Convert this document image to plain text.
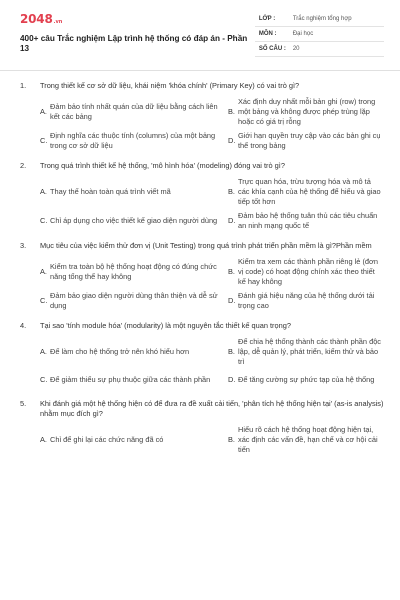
2048 .vn
400+ câu Trắc nghiệm Lập trình hệ thống có đáp án - Phần 13
LỚP :	Trắc nghiệm tổng hợp
MÔN :	Đại học
SỐ CÂU :	20
1.	Trong thiết kế cơ sở dữ liệu, khái niệm 'khóa chính' (Primary Key) có vai trò gì?
A.
Đảm bảo tính nhất quán của dữ liệu bằng cách liên kết các bảng
B.
Xác định duy nhất mỗi bản ghi (row) trong một bảng và không được phép trùng lặp hoặc có giá trị rỗng
C.
Định nghĩa các thuộc tính (columns) của một bảng trong cơ sở dữ liệu
D.
Giới hạn quyền truy cập vào các bản ghi cụ thể trong bảng
2.	Trong quá trình thiết kế hệ thống, 'mô hình hóa' (modeling) đóng vai trò gì?
A. Thay thế hoàn toàn quá trình viết mã	B.
Trực quan hóa, trừu tượng hóa và mô tả các khía cạnh của hệ thống để hiểu và giao tiếp tốt hơn
C. Chỉ áp dụng cho việc thiết kế giao diện người dùng	D.
Đảm bảo hệ thống tuân thủ các tiêu chuẩn an ninh mạng quốc tế
3.	Mục tiêu của việc kiểm thử đơn vị (Unit Testing) trong quá trình phát triển phần mềm là gì?Phần mềm
A.
Kiểm tra toàn bộ hệ thống hoạt động có đúng chức năng tổng thể hay không
B.
Kiểm tra xem các thành phần riêng lẻ (đơn vị code) có hoạt động chính xác theo thiết kế hay không
C.
Đảm bảo giao diện người dùng thân thiện và dễ sử dụng
D.
Đánh giá hiệu năng của hệ thống dưới tải trọng cao
4.	Tại sao 'tính module hóa' (modularity) là một nguyên tắc thiết kế quan trọng?
A. Để làm cho hệ thống trở nên khó hiểu hơn	B.
Để chia hệ thống thành các thành phần độc lập, dễ quản lý, phát triển, kiểm thử và bảo trì
C. Để giảm thiểu sự phụ thuộc giữa các thành phần	D. Để tăng cường sự phức tạp của hệ thống
5.	Khi đánh giá một hệ thống hiện có để đưa ra đề xuất cải tiến, 'phân tích hệ thống hiện tại' (as-is analysis) nhằm mục đích gì?
A. Chỉ để ghi lại các chức năng đã có	B.
Hiểu rõ cách hệ thống hoạt động hiện tại, xác định các vấn đề, hạn chế và cơ hội cải tiến
